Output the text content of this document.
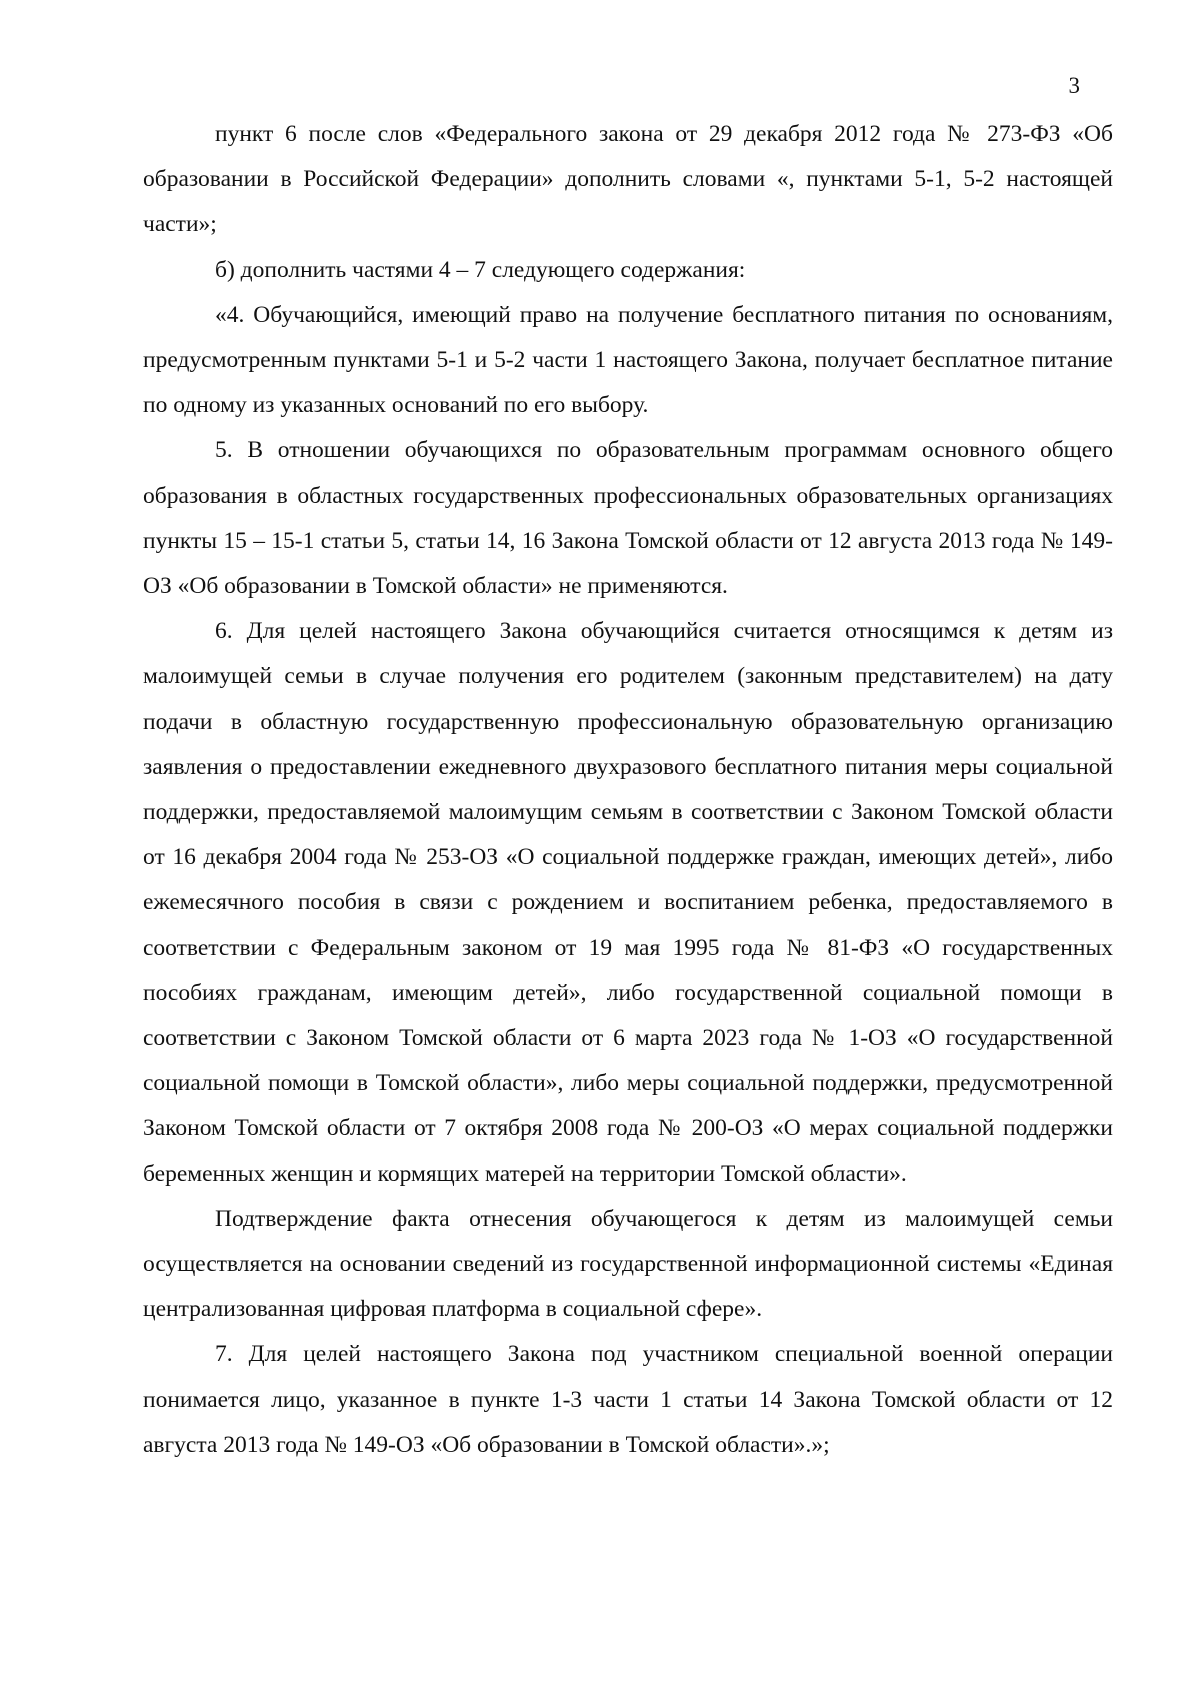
3

пункт 6 после слов «Федерального закона от 29 декабря 2012 года № 273-ФЗ «Об образовании в Российской Федерации» дополнить словами «, пунктами 5-1, 5-2 настоящей части»;

б) дополнить частями 4 – 7 следующего содержания:

«4. Обучающийся, имеющий право на получение бесплатного питания по основаниям, предусмотренным пунктами 5-1 и 5-2 части 1 настоящего Закона, получает бесплатное питание по одному из указанных оснований по его выбору.

5. В отношении обучающихся по образовательным программам основного общего образования в областных государственных профессиональных образовательных организациях пункты 15 – 15-1 статьи 5, статьи 14, 16 Закона Томской области от 12 августа 2013 года № 149-ОЗ «Об образовании в Томской области» не применяются.

6. Для целей настоящего Закона обучающийся считается относящимся к детям из малоимущей семьи в случае получения его родителем (законным представителем) на дату подачи в областную государственную профессиональную образовательную организацию заявления о предоставлении ежедневного двухразового бесплатного питания меры социальной поддержки, предоставляемой малоимущим семьям в соответствии с Законом Томской области от 16 декабря 2004 года № 253-ОЗ «О социальной поддержке граждан, имеющих детей», либо ежемесячного пособия в связи с рождением и воспитанием ребенка, предоставляемого в соответствии с Федеральным законом от 19 мая 1995 года № 81-ФЗ «О государственных пособиях гражданам, имеющим детей», либо государственной социальной помощи в соответствии с Законом Томской области от 6 марта 2023 года № 1-ОЗ «О государственной социальной помощи в Томской области», либо меры социальной поддержки, предусмотренной Законом Томской области от 7 октября 2008 года № 200-ОЗ «О мерах социальной поддержки беременных женщин и кормящих матерей на территории Томской области».

Подтверждение факта отнесения обучающегося к детям из малоимущей семьи осуществляется на основании сведений из государственной информационной системы «Единая централизованная цифровая платформа в социальной сфере».

7. Для целей настоящего Закона под участником специальной военной операции понимается лицо, указанное в пункте 1-3 части 1 статьи 14 Закона Томской области от 12 августа 2013 года № 149-ОЗ «Об образовании в Томской области».»;
